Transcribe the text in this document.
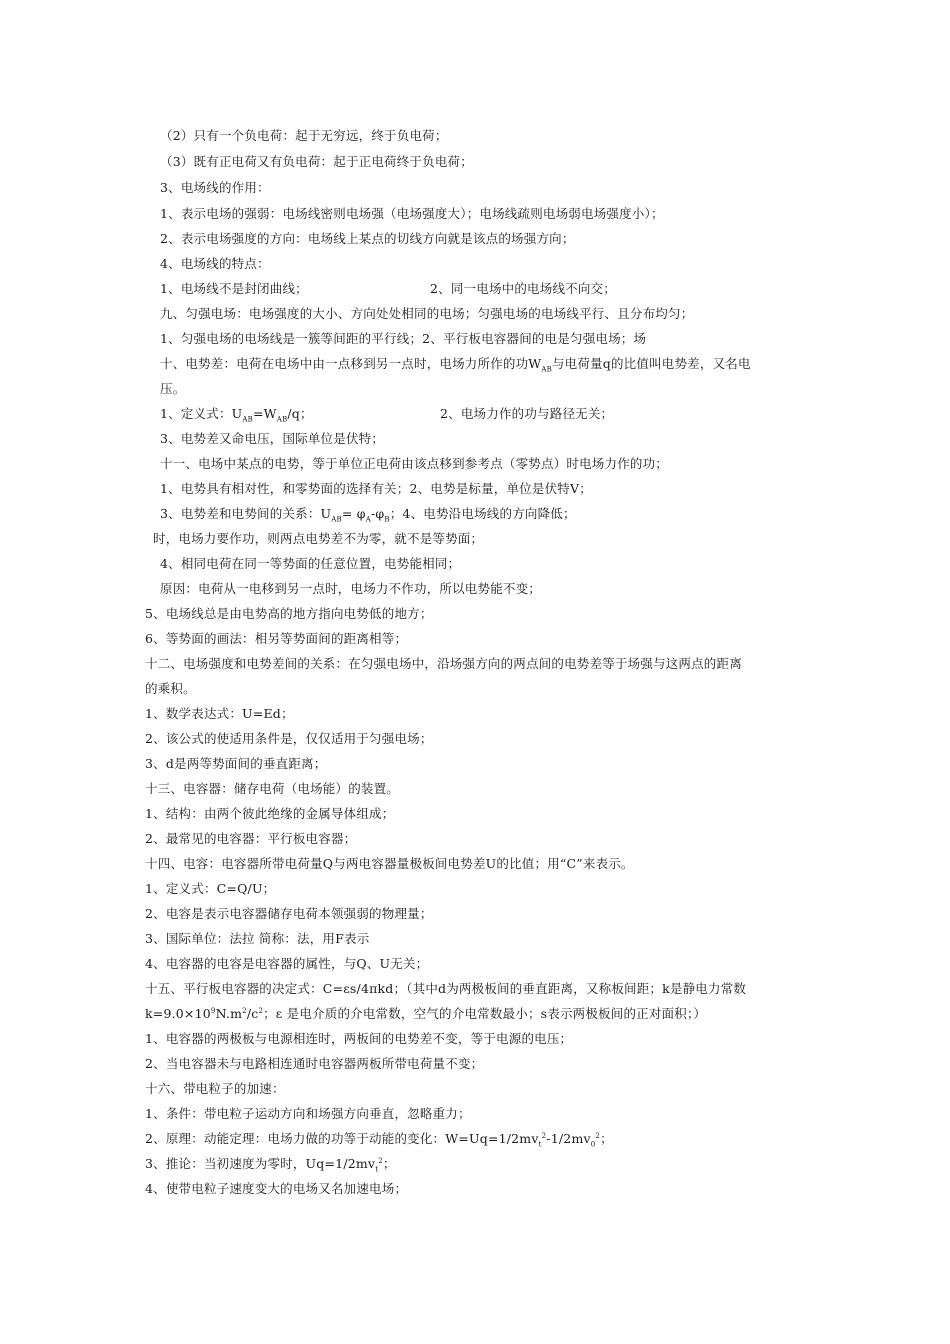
（2）只有一个负电荷：起于无穷远，终于负电荷；
（3）既有正电荷又有负电荷：起于正电荷终于负电荷；
3、电场线的作用：
1、表示电场的强弱：电场线密则电场强（电场强度大）；电场线疏则电场弱电场强度小）；
2、表示电场强度的方向：电场线上某点的切线方向就是该点的场强方向；
4、电场线的特点：
1、电场线不是封闭曲线；	2、同一电场中的电场线不向交；
九、匀强电场：电场强度的大小、方向处处相同的电场；匀强电场的电场线平行、且分布均匀；
1、匀强电场的电场线是一簇等间距的平行线；2、平行板电容器间的电是匀强电场；场
十、电势差：电荷在电场中由一点移到另一点时，电场力所作的功$W_{AB}$与电荷量q的比值叫电势差，又名电
压。
1、定义式：$U_{AB}=W_{AB}/q$；	2、电场力作的功与路径无关；
3、电势差又命电压，国际单位是伏特；
十一、电场中某点的电势，等于单位正电荷由该点移到参考点（零势点）时电场力作的功；
1、电势具有相对性，和零势面的选择有关；2、电势是标量，单位是伏特V；
3、电势差和电势间的关系：$U_{AB}= \varphi_A-\varphi_B$；4、电势沿电场线的方向降低；
时，电场力要作功，则两点电势差不为零，就不是等势面；
4、相同电荷在同一等势面的任意位置，电势能相同；
原因：电荷从一电移到另一点时，电场力不作功，所以电势能不变；
5、电场线总是由电势高的地方指向电势低的地方；
6、等势面的画法：相另等势面间的距离相等；
十二、电场强度和电势差间的关系：在匀强电场中，沿场强方向的两点间的电势差等于场强与这两点的距离
的乘积。
1、数学表达式：U=Ed；
2、该公式的使适用条件是，仅仅适用于匀强电场；
3、d是两等势面间的垂直距离；
十三、电容器：储存电荷（电场能）的装置。
1、结构：由两个彼此绝缘的金属导体组成；
2、最常见的电容器：平行板电容器；
十四、电容：电容器所带电荷量Q与两电容器量极板间电势差U的比值；用“C”来表示。
1、定义式：C=Q/U；
2、电容是表示电容器储存电荷本领强弱的物理量；
3、国际单位：法拉 简称：法，用F表示
4、电容器的电容是电容器的属性，与Q、U无关；
十五、平行板电容器的决定式：C=εs/4πkd；（其中d为两极板间的垂直距离，又称板间距；k是静电力常数
$k=9.0\times 10^9N.m^2/c^2$；ε 是电介质的介电常数，空气的介电常数最小；s表示两极板间的正对面积；）
1、电容器的两极板与电源相连时，两板间的电势差不变，等于电源的电压；
2、当电容器未与电路相连通时电容器两板所带电荷量不变；
十六、带电粒子的加速：
1、条件：带电粒子运动方向和场强方向垂直，忽略重力；
2、原理：动能定理：电场力做的功等于动能的变化：$W=Uq=1/2mv_t^2-1/2mv_0^2$；
3、推论：当初速度为零时，$Uq=1/2mv_t^2$；
4、使带电粒子速度变大的电场又名加速电场；
